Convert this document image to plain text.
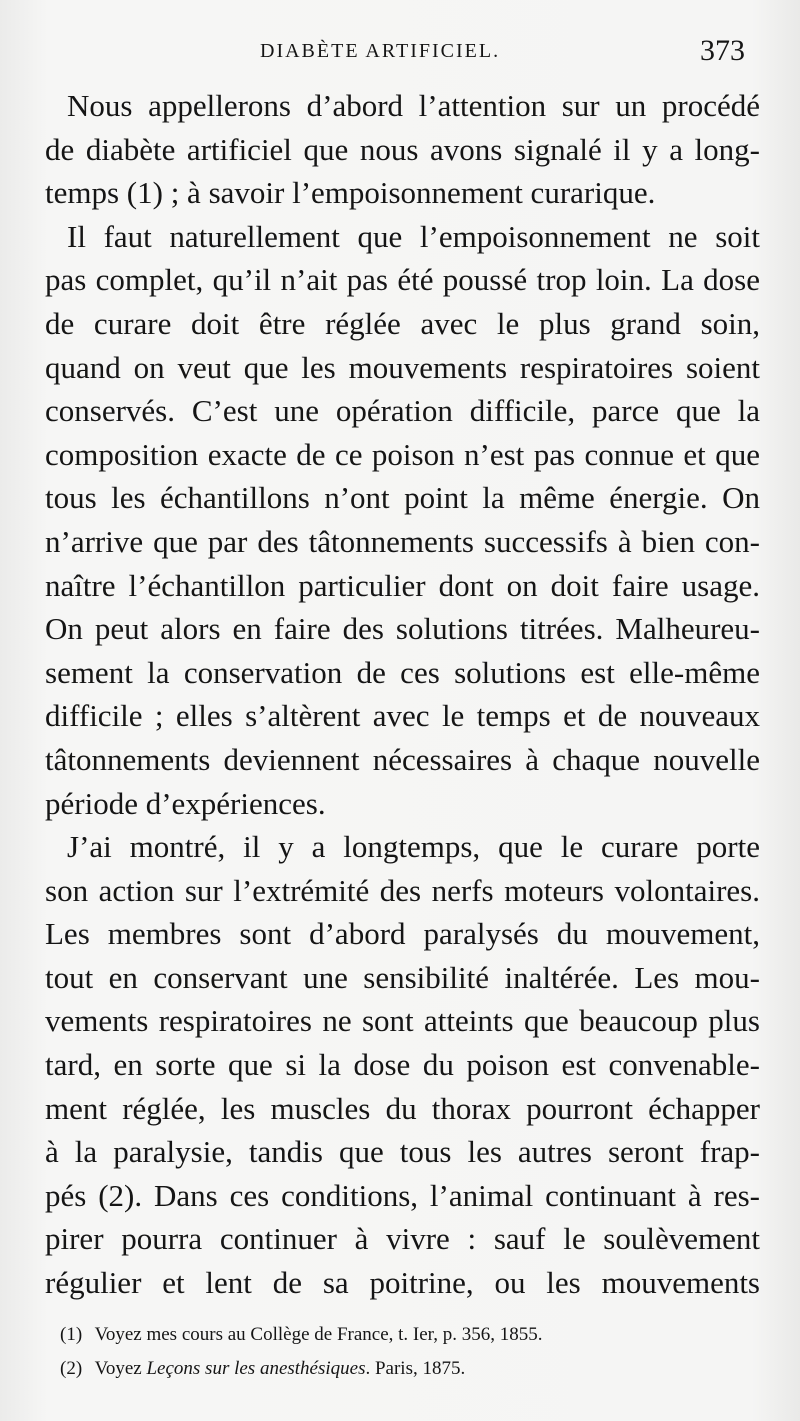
DIABÈTE ARTIFICIEL.	373
Nous appellerons d’abord l’attention sur un procédé
de diabète artificiel que nous avons signalé il y a long-
temps (1) ; à savoir l’empoisonnement curarique.
Il faut naturellement que l’empoisonnement ne soit
pas complet, qu’il n’ait pas été poussé trop loin. La dose
de curare doit être réglée avec le plus grand soin,
quand on veut que les mouvements respiratoires soient
conservés. C’est une opération difficile, parce que la
composition exacte de ce poison n’est pas connue et que
tous les échantillons n’ont point la même énergie. On
n’arrive que par des tâtonnements successifs à bien con-
naître l’échantillon particulier dont on doit faire usage.
On peut alors en faire des solutions titrées. Malheureu-
sement la conservation de ces solutions est elle-même
difficile ; elles s’altèrent avec le temps et de nouveaux
tâtonnements deviennent nécessaires à chaque nouvelle
période d’expériences.
J’ai montré, il y a longtemps, que le curare porte
son action sur l’extrémité des nerfs moteurs volontaires.
Les membres sont d’abord paralysés du mouvement,
tout en conservant une sensibilité inaltérée. Les mou-
vements respiratoires ne sont atteints que beaucoup plus
tard, en sorte que si la dose du poison est convenable-
ment réglée, les muscles du thorax pourront échapper
à la paralysie, tandis que tous les autres seront frap-
pés (2). Dans ces conditions, l’animal continuant à res-
pirer pourra continuer à vivre : sauf le soulèvement
régulier et lent de sa poitrine, ou les mouvements
(1) Voyez mes cours au Collège de France, t. Ier, p. 356, 1855.
(2) Voyez Leçons sur les anesthésiques. Paris, 1875.
